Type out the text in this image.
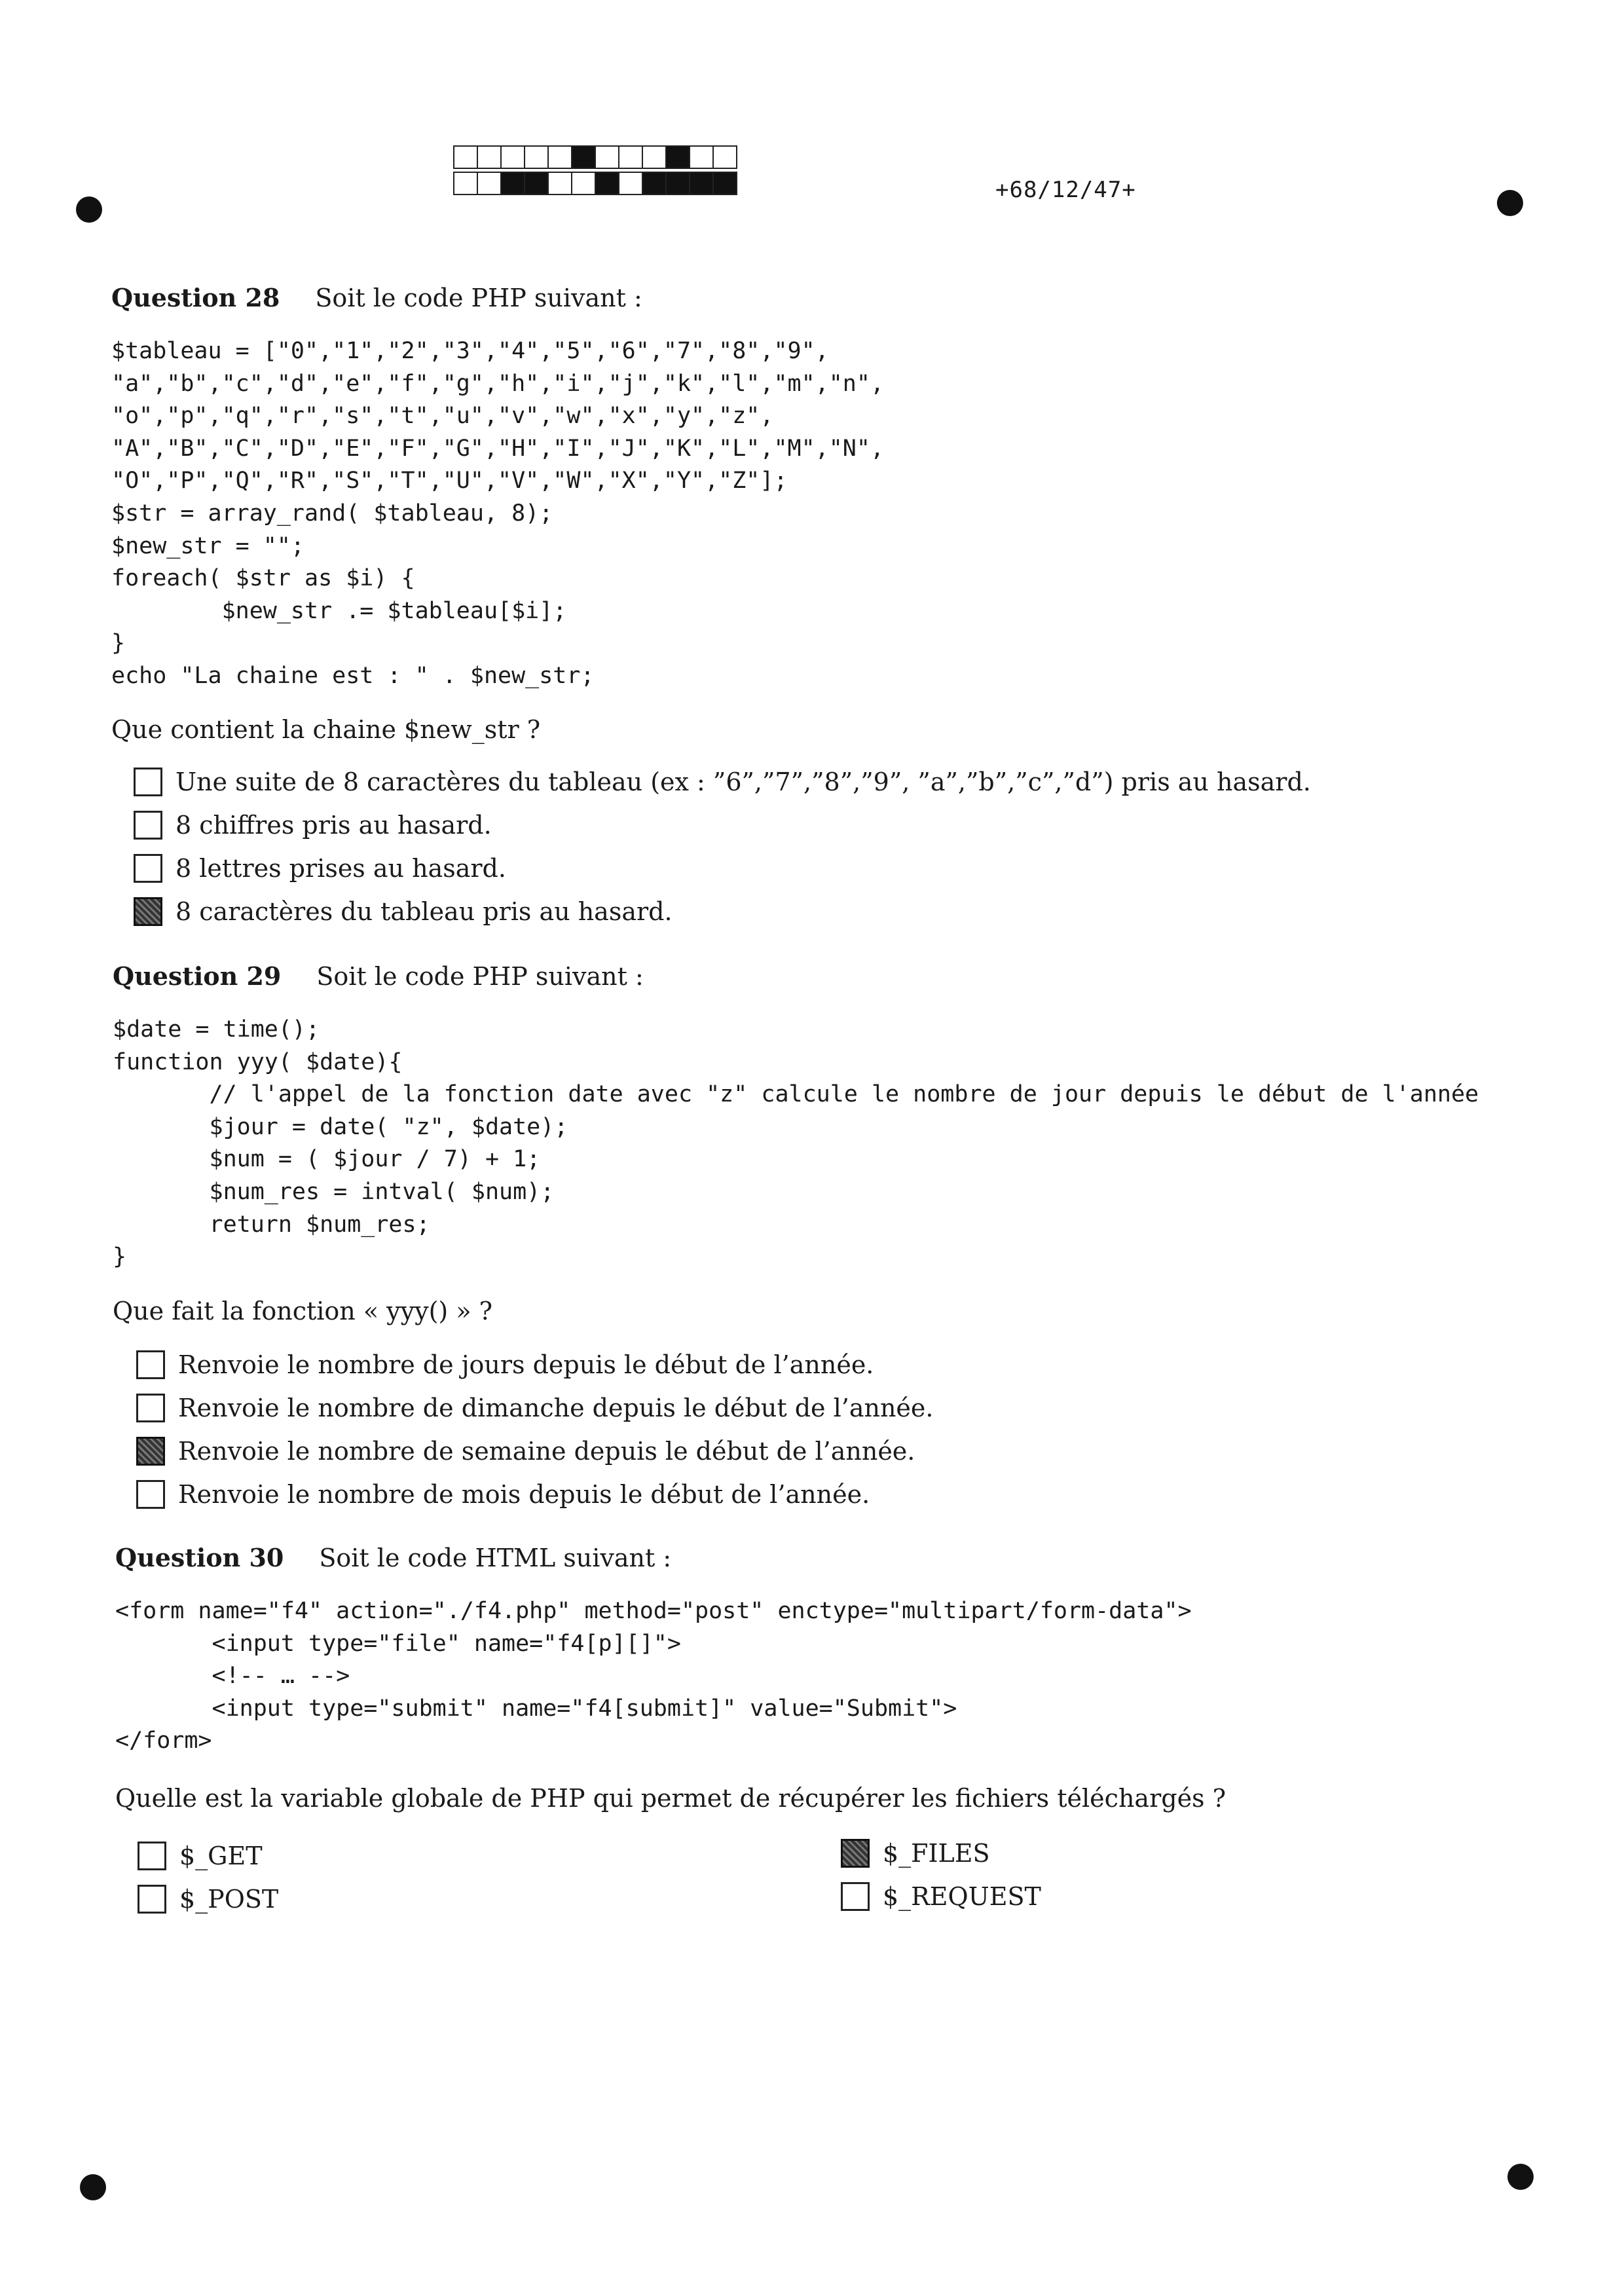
+68/12/47+
Question 28 Soit le code PHP suivant :
$tableau = ["0","1","2","3","4","5","6","7","8","9",
"a","b","c","d","e","f","g","h","i","j","k","l","m","n",
"o","p","q","r","s","t","u","v","w","x","y","z",
"A","B","C","D","E","F","G","H","I","J","K","L","M","N",
"O","P","Q","R","S","T","U","V","W","X","Y","Z"];
$str = array_rand( $tableau, 8);
$new_str = "";
foreach( $str as $i) {
$new_str .= $tableau[$i];
}
echo "La chaine est : " . $new_str;
Que contient la chaine $new_str ?
Une suite de 8 caractères du tableau (ex : ”6”,”7”,”8”,”9”, ”a”,”b”,”c”,”d”) pris au hasard.
8 chiffres pris au hasard.
8 lettres prises au hasard.
8 caractères du tableau pris au hasard.
Question 29 Soit le code PHP suivant :
$date = time();
function yyy( $date){
// l'appel de la fonction date avec "z" calcule le nombre de jour depuis le début de l'année
$jour = date( "z", $date);
$num = ( $jour / 7) + 1;
$num_res = intval( $num);
return $num_res;
}
Que fait la fonction « yyy() » ?
Renvoie le nombre de jours depuis le début de l’année.
Renvoie le nombre de dimanche depuis le début de l’année.
Renvoie le nombre de semaine depuis le début de l’année.
Renvoie le nombre de mois depuis le début de l’année.
Question 30 Soit le code HTML suivant :
<form name="f4" action="./f4.php" method="post" enctype="multipart/form-data">
<input type="file" name="f4[p][]">
<!-- … -->
<input type="submit" name="f4[submit]" value="Submit">
</form>
Quelle est la variable globale de PHP qui permet de récupérer les fichiers téléchargés ?
$_GET
$_POST
$_FILES
$_REQUEST
